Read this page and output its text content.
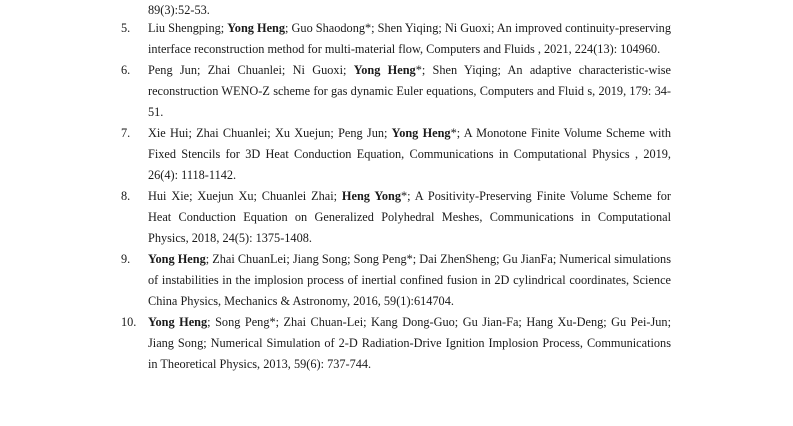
89(3):52-53.
5.	Liu Shengping; Yong Heng; Guo Shaodong*; Shen Yiqing; Ni Guoxi; An improved continuity-preserving interface reconstruction method for multi-material flow, Computers and Fluids , 2021, 224(13): 104960.
6.	Peng Jun; Zhai Chuanlei; Ni Guoxi; Yong Heng*; Shen Yiqing; An adaptive characteristic-wise reconstruction WENO-Z scheme for gas dynamic Euler equations, Computers and Fluid s, 2019, 179: 34-51.
7.	Xie Hui; Zhai Chuanlei; Xu Xuejun; Peng Jun; Yong Heng*; A Monotone Finite Volume Scheme with Fixed Stencils for 3D Heat Conduction Equation, Communications in Computational Physics , 2019, 26(4): 1118-1142.
8.	Hui Xie; Xuejun Xu; Chuanlei Zhai; Heng Yong*; A Positivity-Preserving Finite Volume Scheme for Heat Conduction Equation on Generalized Polyhedral Meshes, Communications in Computational Physics, 2018, 24(5): 1375-1408.
9.	Yong Heng; Zhai ChuanLei; Jiang Song; Song Peng*; Dai ZhenSheng; Gu JianFa; Numerical simulations of instabilities in the implosion process of inertial confined fusion in 2D cylindrical coordinates, Science China Physics, Mechanics & Astronomy, 2016, 59(1):614704.
10. Yong Heng; Song Peng*; Zhai Chuan-Lei; Kang Dong-Guo; Gu Jian-Fa; Hang Xu-Deng; Gu Pei-Jun; Jiang Song; Numerical Simulation of 2-D Radiation-Drive Ignition Implosion Process, Communications in Theoretical Physics, 2013, 59(6): 737-744.
